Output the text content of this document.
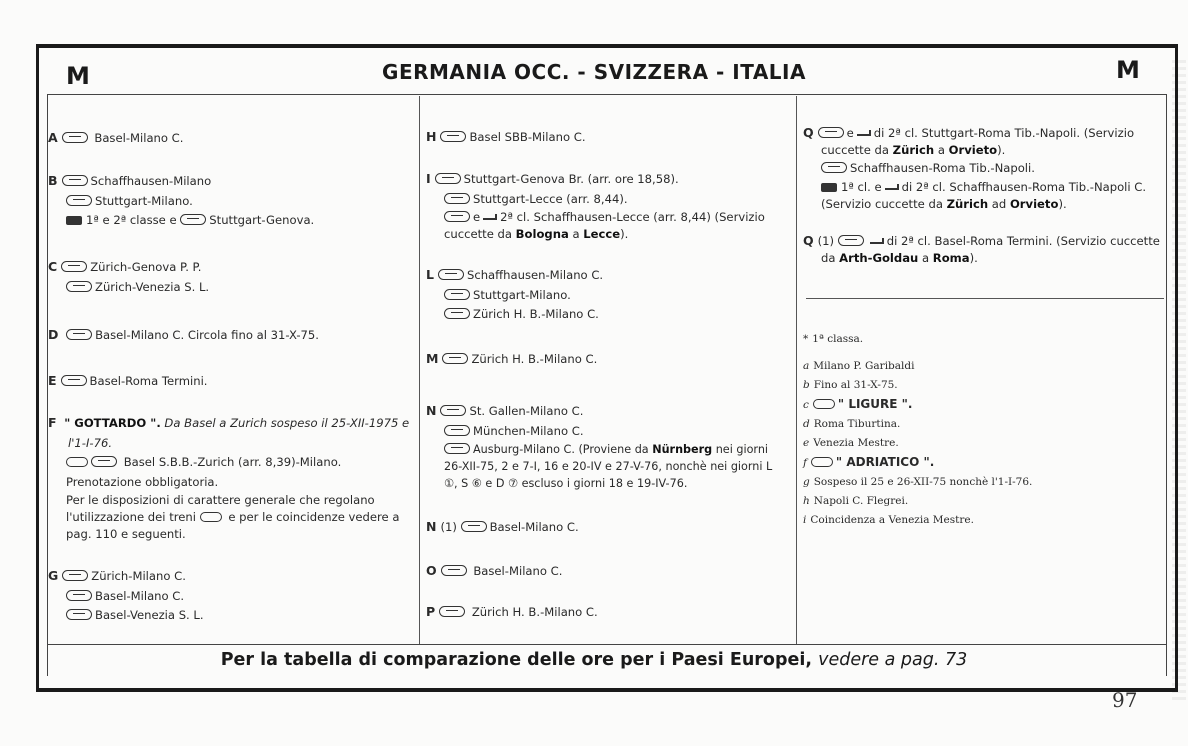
M	GERMANIA OCC. - SVIZZERA - ITALIA	M
A	Basel-Milano C.
B	Schaffhausen-Milano
Stuttgart-Milano.
1ª e 2ª classe e	Stuttgart-Genova.
C	Zürich-Genova P. P.
Zürich-Venezia S. L.
D	Basel-Milano C. Circola fino al 31-X-75.
E	Basel-Roma Termini.
F " GOTTARDO ". Da Basel a Zurich sospeso il 25-XII-1975 e l'1-I-76.
Basel S.B.B.-Zurich (arr. 8,39)-Milano.
Prenotazione obbligatoria.
Per le disposizioni di carattere generale che regolano l'utilizzazione dei treni	e per le coincidenze vedere a pag. 110 e seguenti.
G	Zürich-Milano C.
Basel-Milano C.
Basel-Venezia S. L.
H	Basel SBB-Milano C.
I	Stuttgart-Genova Br. (arr. ore 18,58).
Stuttgart-Lecce (arr. 8,44).
e 2ª cl. Schaffhausen-Lecce (arr. 8,44) (Servizio cuccette da Bologna a Lecce).
L	Schaffhausen-Milano C.
Stuttgart-Milano.
Zürich H. B.-Milano C.
M	Zürich H. B.-Milano C.
N	St. Gallen-Milano C.
München-Milano C.
Ausburg-Milano C. (Proviene da Nürnberg nei giorni 26-XII-75, 2 e 7-I, 16 e 20-IV e 27-V-76, nonchè nei giorni L ①, S ⑥ e D ⑦ escluso i giorni 18 e 19-IV-76.
N (1)	Basel-Milano C.
O	Basel-Milano C.
P	Zürich H. B.-Milano C.
Q	e di 2ª cl. Stuttgart-Roma Tib.-Napoli. (Servizio cuccette da Zürich a Orvieto).
Schaffhausen-Roma Tib.-Napoli.
1ª cl. e di 2ª cl. Schaffhausen-Roma Tib.-Napoli C. (Servizio cuccette da Zürich ad Orvieto).
Q (1)	di 2ª cl. Basel-Roma Termini. (Servizio cuccette da Arth-Goldau a Roma).
* 1ª classa.
a Milano P. Garibaldi
b Fino al 31-X-75.
c " LIGURE ".
d Roma Tiburtina.
e Venezia Mestre.
f " ADRIATICO ".
g Sospeso il 25 e 26-XII-75 nonchè l'1-I-76.
h Napoli C. Flegrei.
i Coincidenza a Venezia Mestre.
Per la tabella di comparazione delle ore per i Paesi Europei, vedere a pag. 73
97
